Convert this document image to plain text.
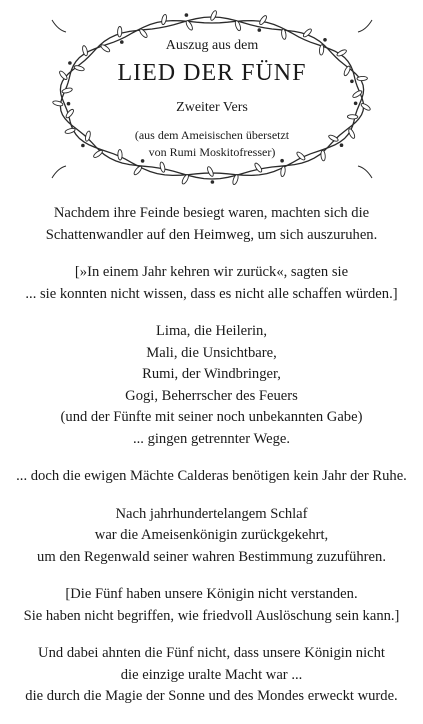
Auszug aus dem
LIED DER FÜNF
Zweiter Vers
(aus dem Ameisischen übersetzt
von Rumi Moskitofresser)
Nachdem ihre Feinde besiegt waren, machten sich die
Schattenwandler auf den Heimweg, um sich auszuruhen.
[»In einem Jahr kehren wir zurück«, sagten sie
... sie konnten nicht wissen, dass es nicht alle schaffen würden.]
Lima, die Heilerin,
Mali, die Unsichtbare,
Rumi, der Windbringer,
Gogi, Beherrscher des Feuers
(und der Fünfte mit seiner noch unbekannten Gabe)
... gingen getrennter Wege.
... doch die ewigen Mächte Calderas benötigen kein Jahr der Ruhe.
Nach jahrhundertelangem Schlaf
war die Ameisenkönigin zurückgekehrt,
um den Regenwald seiner wahren Bestimmung zuzuführen.
[Die Fünf haben unsere Königin nicht verstanden.
Sie haben nicht begriffen, wie friedvoll Auslöschung sein kann.]
Und dabei ahnten die Fünf nicht, dass unsere Königin nicht
die einzige uralte Macht war ...
die durch die Magie der Sonne und des Mondes erweckt wurde.
